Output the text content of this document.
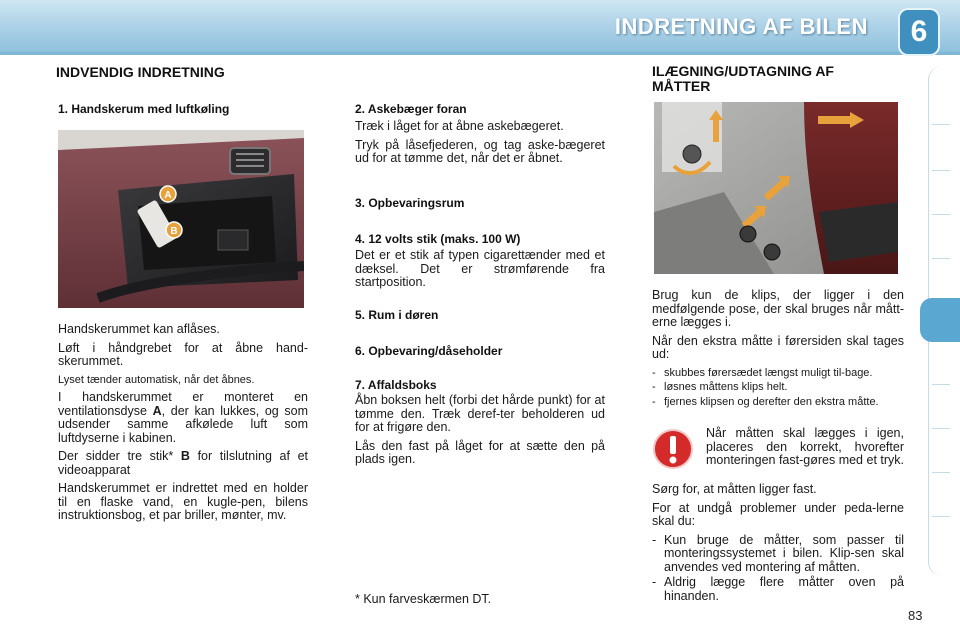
INDRETNING AF BILEN	6
INDVENDIG INDRETNING
1. Handskerum med luftkøling
A
B

Handskerummet kan aflåses.

Løft i håndgrebet for at åbne hand-skerummet.

Lyset tænder automatisk, når det åbnes.

I handskerummet er monteret en ventilationsdyse A, der kan lukkes, og som udsender samme afkølede luft som luftdyserne i kabinen.

Der sidder tre stik* B for tilslutning af et videoapparat

Handskerummet er indrettet med en holder til en flaske vand, en kugle-pen, bilens instruktionsbog, et par briller, mønter, mv.

2. Askebæger foran

Træk i låget for at åbne askebægeret.

Tryk på låsefjederen, og tag aske-bægeret ud for at tømme det, når det er åbnet.

3. Opbevaringsrum
4. 12 volts stik (maks. 100 W)
Det er et stik af typen cigarettænder med et dæksel. Det er strømførende fra startposition.
5. Rum i døren
6. Opbevaring/dåseholder
7. Affaldsboks

Åbn boksen helt (forbi det hårde punkt) for at tømme den. Træk deref-ter beholderen ud for at frigøre den.

Lås den fast på låget for at sætte den på plads igen.

* Kun farveskærmen DT.
ILÆGNING/UDTAGNING AF MÅTTER

Brug kun de klips, der ligger i den medfølgende pose, der skal bruges når mått-erne lægges i.

Når den ekstra måtte i førersiden skal tages ud:

- skubbes førersædet længst muligt til-bage.
- løsnes måttens klips helt.
- fjernes klipsen og derefter den ekstra måtte.
Når måtten skal lægges i igen, placeres den korrekt, hvorefter monteringen fast-gøres med et tryk.

Sørg for, at måtten ligger fast.

For at undgå problemer under peda-lerne skal du:

- Kun bruge de måtter, som passer til monteringssystemet i bilen. Klip-sen skal anvendes ved montering af måtten.
- Aldrig lægge flere måtter oven på hinanden.
83
